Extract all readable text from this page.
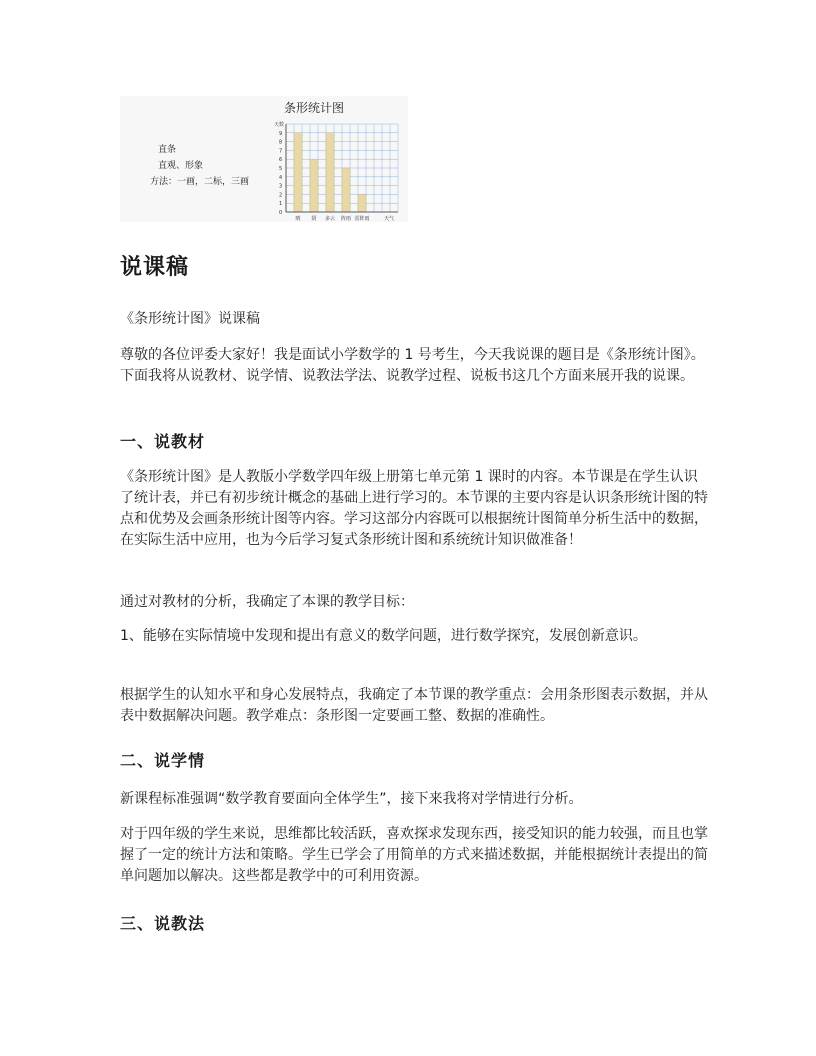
条形统计图
直条
直观、形象
方法：一画，二标，三画
0
1
2
3
4
5
6
7
8
9
晴 阴 多云 阵雨 雷阵雨
天数
天气
说课稿

《条形统计图》说课稿

尊敬的各位评委大家好！我是面试小学数学的 1 号考生，今天我说课的题目是《条形统计图》。下面我将从说教材、说学情、说教法学法、说教学过程、说板书这几个方面来展开我的说课。

一、说教材

《条形统计图》是人教版小学数学四年级上册第七单元第 1 课时的内容。本节课是在学生认识了统计表，并已有初步统计概念的基础上进行学习的。本节课的主要内容是认识条形统计图的特点和优势及会画条形统计图等内容。学习这部分内容既可以根据统计图简单分析生活中的数据，在实际生活中应用，也为今后学习复式条形统计图和系统统计知识做准备！

通过对教材的分析，我确定了本课的教学目标：

1、能够在实际情境中发现和提出有意义的数学问题，进行数学探究，发展创新意识。

根据学生的认知水平和身心发展特点，我确定了本节课的教学重点：会用条形图表示数据，并从表中数据解决问题。教学难点：条形图一定要画工整、数据的准确性。

二、说学情

新课程标准强调“数学教育要面向全体学生”，接下来我将对学情进行分析。

对于四年级的学生来说，思维都比较活跃，喜欢探求发现东西，接受知识的能力较强，而且也掌握了一定的统计方法和策略。学生已学会了用简单的方式来描述数据，并能根据统计表提出的简单问题加以解决。这些都是教学中的可利用资源。

三、说教法
